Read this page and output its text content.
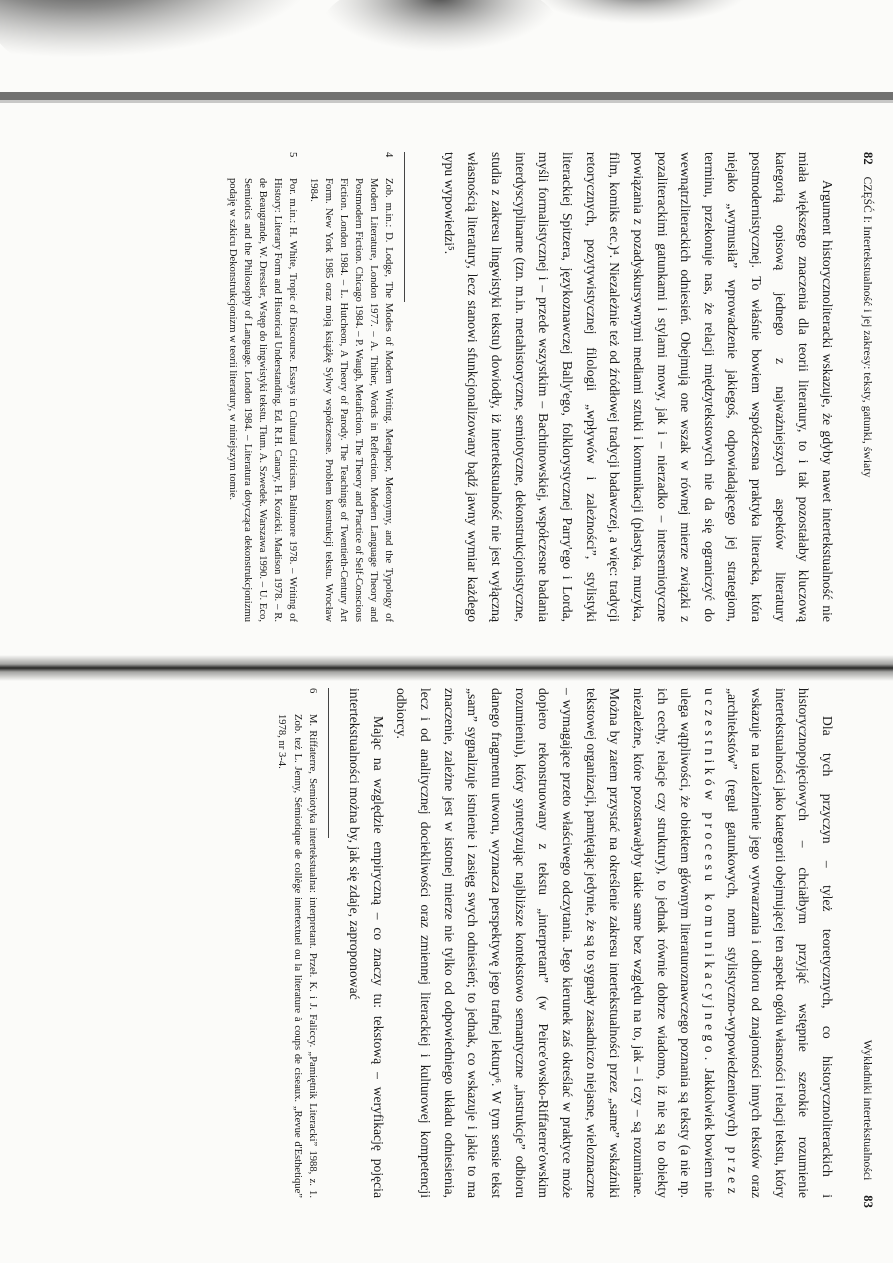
82    CZĘŚĆ I: Intertekstualność i jej zakresy: teksty, gatunki, światy

Argument historycznoliteracki wskazuje, że gdyby nawet intertekstualność nie miała większego znaczenia dla teorii literatury, to i tak pozostałaby kluczową kategorią opisową jednego z najważniejszych aspektów literatury postmodernistycznej. To właśnie bowiem współczesna praktyka literacka, która niejako „wymusiła” wprowadzenie jakiegoś, odpowiadającego jej strategiom, terminu, przekonuje nas, że relacji międzytekstowych nie da się ograniczyć do wewnątrzliterackich odniesień. Obejmują one wszak w równej mierze związki z pozaliterackimi gatunkami i stylami mowy, jak i – nierzadko – intersemiotyczne powiązania z pozadyskursywnymi mediami sztuki i komunikacji (plastyka, muzyka, film, komiks etc.)⁴. Niezależnie też od źródłowej tradycji badawczej, a więc: tradycji retorycznych, pozytywistycznej filologii „wpływów i zależności”, stylistyki literackiej Spitzera, językoznawczej Bally'ego, folklorystycznej Parry'ego i Lorda, myśli formalistycznej i – przede wszystkim – Bachtinowskiej, współczesne badania interdyscyplinarne (tzn. m.in. metahistoryczne, semiotyczne, dekonstrukcjonistyczne, studia z zakresu lingwistyki tekstu) dowiodły, iż intertekstualność nie jest wyłączną własnością literatury, lecz stanowi sfunkcjonalizowany bądź jawny wymiar każdego typu wypowiedzi⁵.

4Zob. m.in.: D. Lodge, The Modes of Modern Writing. Metaphor, Metonymy, and the Typology of Modern Literature, London 1977. – A. Thiher, Words in Reflection. Modern Language Theory and Postmodern Fiction. Chicago 1984. – P. Waugh, Metafiction. The Theory and Practice of Self-Conscious Fiction. London 1984. – L. Hutcheon, A Theory of Parody. The Teachings of Twentieth-Century Art Form. New York 1985 oraz moją książkę Sylwy współczesne. Problem konstrukcji tekstu. Wrocław 1984.

5Por. m.in.: H. White, Tropic of Discourse. Essays in Cultural Criticism. Baltimore 1978. – Writing of History: Literary Form and Historical Understanding. Ed. R.H. Canary, H. Kozicki. Madison 1978. – R. de Beaugrande, W. Dressler, Wstęp do lingwistyki tekstu. Tłum. A. Szwedek. Warszawa 1990. – U. Eco, Semiotics and the Philosophy of Language. London 1984. – Literatura dotycząca dekonstrukcjonizmu podaję w szkicu Dekonstrukcjonizm w teorii literatury, w niniejszym tomie.

Wykładniki intertekstualności     83

Dla tych przyczyn – tyleż teoretycznych, co historycznoliterackich i historycznopojęciowych – chciałbym przyjąć wstępnie szerokie rozumienie intertekstualności jako kategorii obejmującej ten aspekt ogółu własności i relacji tekstu, który wskazuje na uzależnienie jego wytwarzania i odbioru od znajomości innych tekstów oraz „architekstów” (reguł gatunkowych, norm stylistyczno-wypowiedzeniowych) przez uczestników procesu komunikacyjnego. Jakkolwiek bowiem nie ulega wątpliwości, że obiektem głównym literaturoznawczego poznania są teksty (a nie np. ich cechy, relacje czy struktury), to jednak równie dobrze wiadomo, iż nie są to obiekty niezależne, które pozostawałyby takie same bez względu na to, jak – i czy – są rozumiane. Można by zatem przystać na określenie zakresu intertekstualności przez „same” wskaźniki tekstowej organizacji, pamiętając jedynie, że są to sygnały zasadniczo niejasne, wieloznaczne – wymagające przeto właściwego odczytania. Jego kierunek zaś określać w praktyce może dopiero rekonstruowany z tekstu „interpretant” (w Peirce'owsko-Riffaterre'owskim rozumieniu), który syntetyzując najbliższe kontekstowo semantyczne „instrukcje” odbioru danego fragmentu utworu, wyznacza perspektywę jego trafnej lektury⁶. W tym sensie tekst „sam” sygnalizuje istnienie i zasięg swych odniesień; to jednak, co wskazuje i jakie to ma znaczenie, zależne jest w istotnej mierze nie tylko od odpowiedniego układu odniesienia, lecz i od analitycznej dociekliwości oraz zmiennej literackiej i kulturowej kompetencji odbiorcy.

Mając na względzie empiryczną – co znaczy tu: tekstową – weryfikację pojęcia intertekstualności można by, jak się zdaje, zaproponować

6M. Riffaterre, Semiotyka intertekstualna: interpretant. Przeł. K. i J. Faliccy. „Pamiętnik Literacki” 1988, z. 1. Zob. też L. Jenny, Sémiotique de collège intertextuel ou la literature à coups de ciseaux. „Revue d'Esthetique” 1978, nr 3-4.
